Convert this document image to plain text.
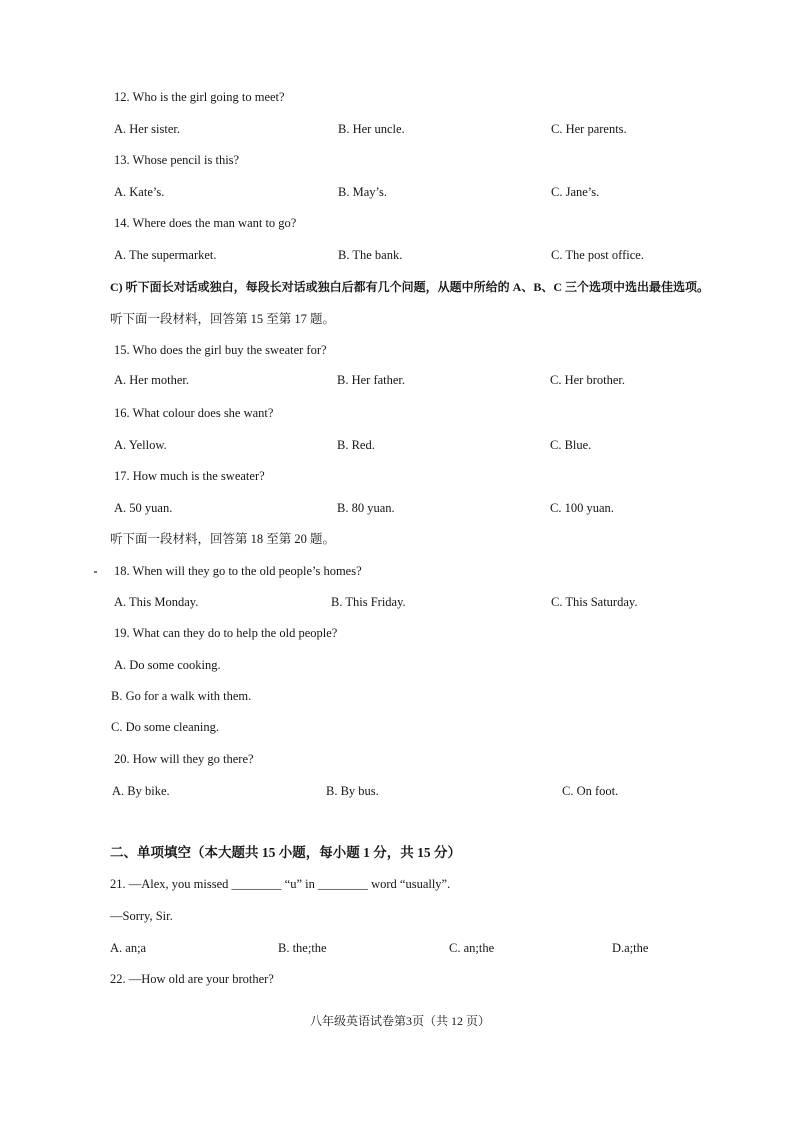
12. Who is the girl going to meet?
A. Her sister.	B. Her uncle.	C. Her parents.
13. Whose pencil is this?
A. Kate’s.	B. May’s.	C. Jane’s.
14. Where does the man want to go?
A. The supermarket.	B. The bank.	C. The post office.
C) 听下面长对话或独白，每段长对话或独白后都有几个问题，从题中所给的 A、B、C 三个选项中选出最佳选项。
听下面一段材料，回答第 15 至第 17 题。
15. Who does the girl buy the sweater for?
A. Her mother.	B. Her father.	C. Her brother.
16. What colour does she want?
A. Yellow.	B. Red.	C. Blue.
17. How much is the sweater?
A. 50 yuan.	B. 80 yuan.	C. 100 yuan.
听下面一段材料，回答第 18 至第 20 题。
18. When will they go to the old people’s homes?
A. This Monday.	B. This Friday.	C. This Saturday.
19. What can they do to help the old people?
A. Do some cooking.
B. Go for a walk with them.
C. Do some cleaning.
20. How will they go there?
A. By bike.	B. By bus.	C. On foot.
二、单项填空（本大题共 15 小题，每小题 1 分，共 15 分）
21. —Alex, you missed ________ “u” in ________ word “usually”.
—Sorry, Sir.
A. an;a	B. the;the	C. an;the	D.a;the
22. —How old are your brother?
八年级英语试卷第3页（共 12 页）
